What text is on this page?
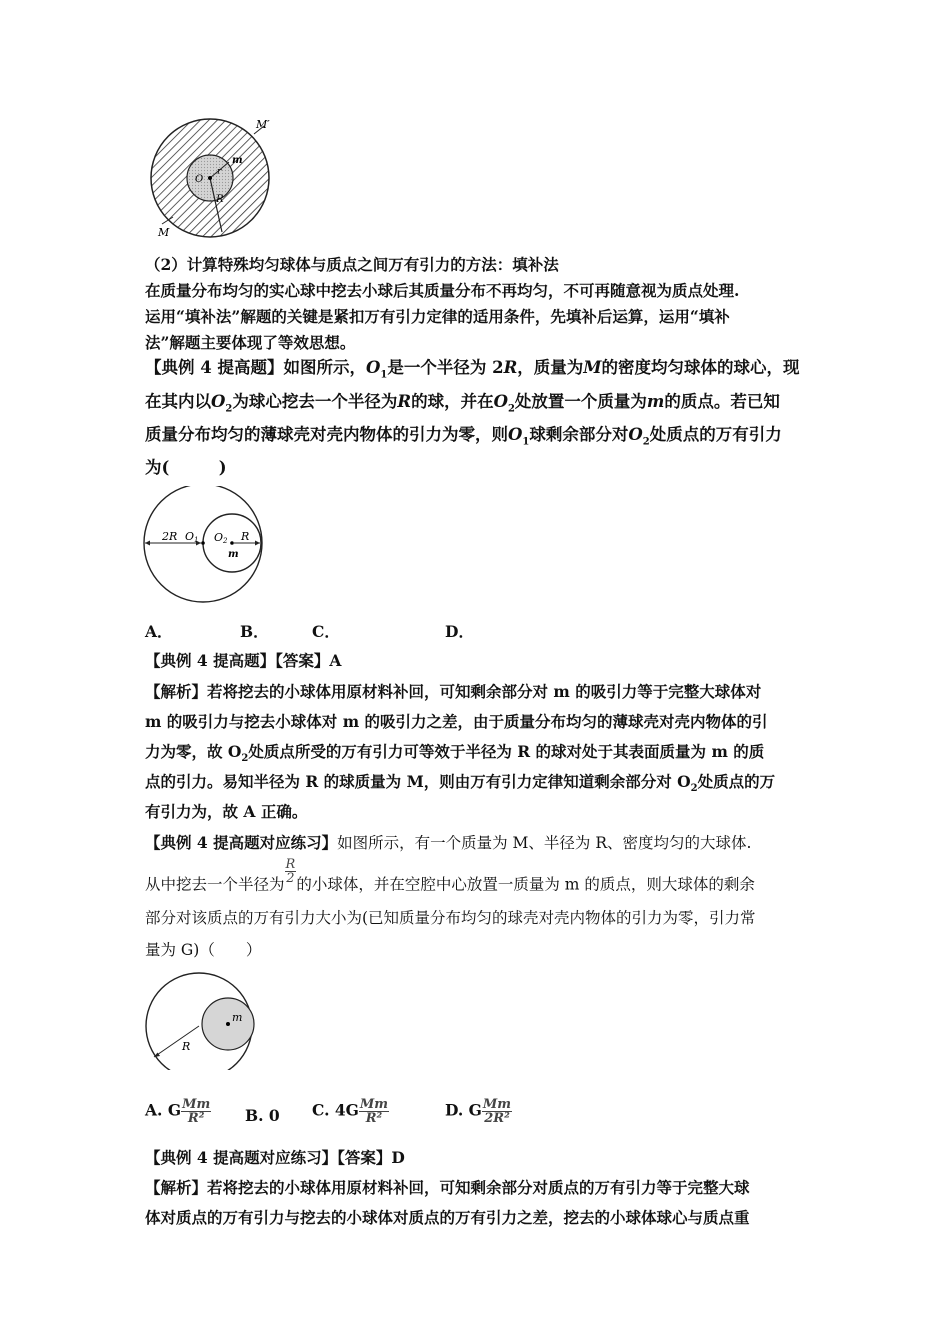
M′
m
O
r
R
M
（2）计算特殊均匀球体与质点之间万有引力的方法：填补法
在质量分布均匀的实心球中挖去小球后其质量分布不再均匀，不可再随意视为质点处理.
运用“填补法”解题的关键是紧扣万有引力定律的适用条件，先填补后运算，运用“填补
法”解题主要体现了等效思想。
【典例 4 提高题】如图所示，$O_1$是一个半径为 2R，质量为M的密度均匀球体的球心，现
在其内以$O_2$为球心挖去一个半径为R的球，并在$O_2$处放置一个质量为m的质点。若已知
质量分布均匀的薄球壳对壳内物体的引力为零，则$O_1$球剩余部分对$O_2$处质点的万有引力
为(　　　)
2R O1 O2 R
m
A．	B．	C．	D．
【典例 4 提高题】【答案】A
【解析】若将挖去的小球体用原材料补回，可知剩余部分对 m 的吸引力等于完整大球体对
m 的吸引力与挖去小球体对 m 的吸引力之差，由于质量分布均匀的薄球壳对壳内物体的引
力为零，故 $O_2$处质点所受的万有引力可等效于半径为 R 的球对处于其表面质量为 m 的质
点的引力。易知半径为 R 的球质量为 M，则由万有引力定律知道剩余部分对 $O_2$处质点的万
有引力为，故 A 正确。
【典例 4 提高题对应练习】如图所示，有一个质量为 M、半径为 R、密度均匀的大球体.
从中挖去一个半径为 $\frac{R}{2}$ 的小球体，并在空腔中心放置一质量为 m 的质点，则大球体的剩余
部分对该质点的万有引力大小为(已知质量分布均匀的球壳对壳内物体的引力为零，引力常
量为 G)（　　）
m
R
A. G $\frac{Mm}{\text{R²}} B$. 0 C. $4G \frac{Mm}{\text{R²}}$	D. G $\frac{Mm}{\text{2R²}}$
【典例 4 提高题对应练习】【答案】D
【解析】若将挖去的小球体用原材料补回，可知剩余部分对质点的万有引力等于完整大球
体对质点的万有引力与挖去的小球体对质点的万有引力之差，挖去的小球体球心与质点重
